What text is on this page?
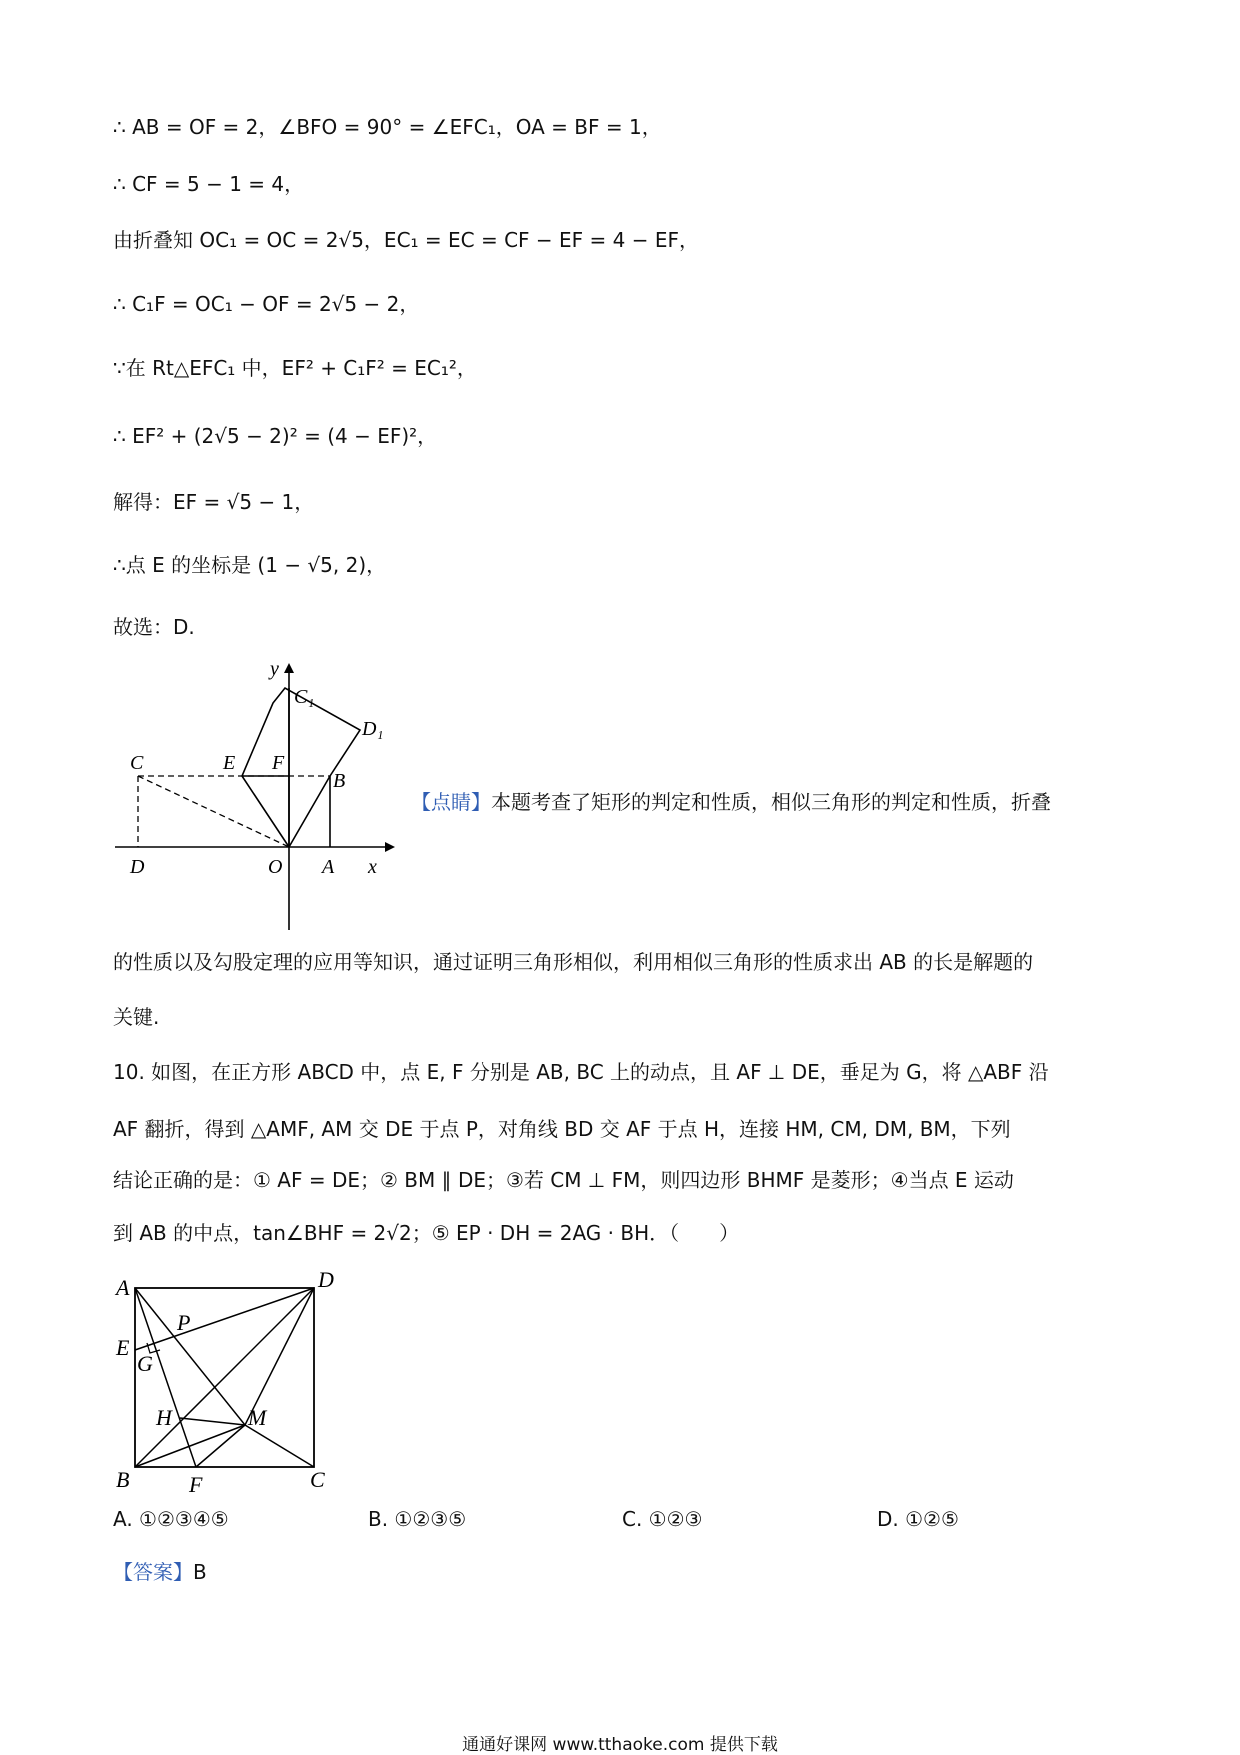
∴ AB = OF = 2，∠BFO = 90° = ∠EFC₁，OA = BF = 1，
∴ CF = 5 − 1 = 4，
由折叠知 OC₁ = OC = 2√5，EC₁ = EC = CF − EF = 4 − EF，
∴ C₁F = OC₁ − OF = 2√5 − 2，
∵在 Rt△EFC₁ 中，EF² + C₁F² = EC₁²，
∴ EF² + (2√5 − 2)² = (4 − EF)²，
解得：EF = √5 − 1，
∴点 E 的坐标是 (1 − √5, 2)，
故选：D.
y
x
C₁
D₁
C	E F
B
D	O A
【点睛】本题考查了矩形的判定和性质，相似三角形的判定和性质，折叠
的性质以及勾股定理的应用等知识，通过证明三角形相似，利用相似三角形的性质求出 AB 的长是解题的
关键.
10. 如图，在正方形 ABCD 中，点 E, F 分别是 AB, BC 上的动点，且 AF ⊥ DE，垂足为 G，将 △ABF 沿
AF 翻折，得到 △AMF, AM 交 DE 于点 P，对角线 BD 交 AF 于点 H，连接 HM, CM, DM, BM，下列
结论正确的是：① AF = DE；② BM ∥ DE；③若 CM ⊥ FM，则四边形 BHMF 是菱形；④当点 E 运动
到 AB 的中点，tan∠BHF = 2√2；⑤ EP · DH = 2AG · BH．（　　）
A	D
P
E
G
H	M
B	F	C
A. ①②③④⑤	B. ①②③⑤	C. ①②③	D. ①②⑤
【答案】B
通通好课网 www.tthaoke.com 提供下载
